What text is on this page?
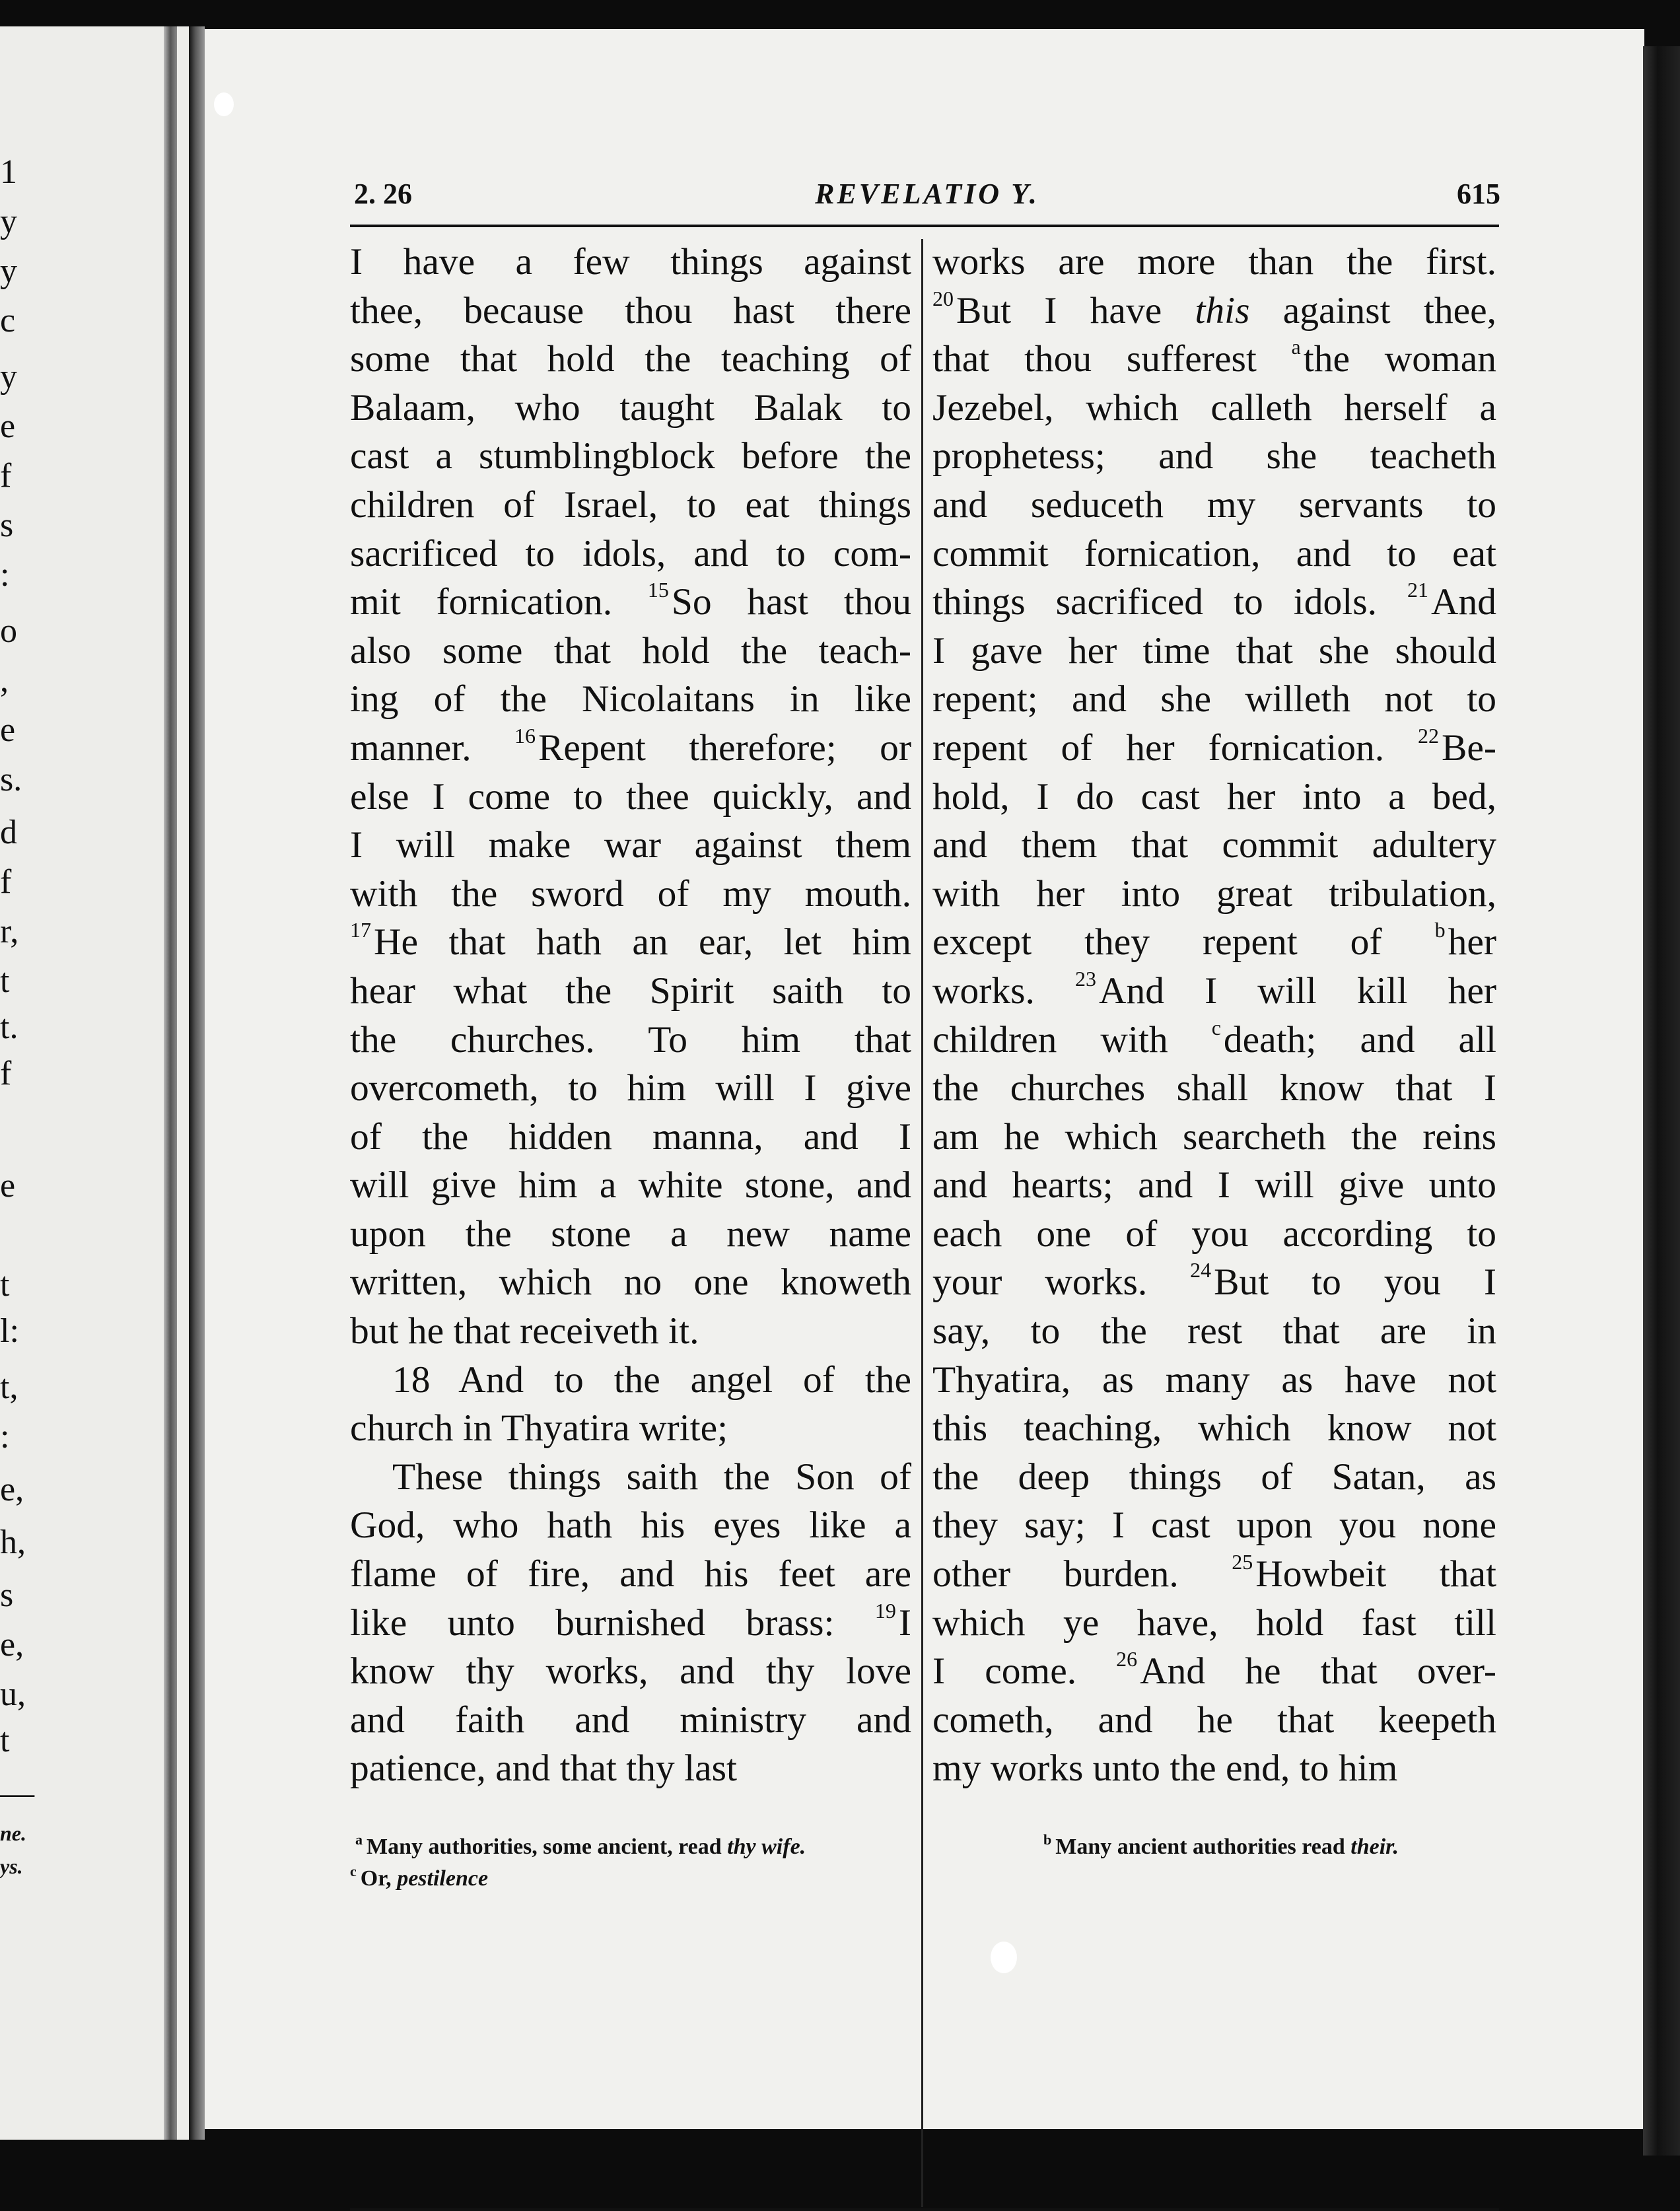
1
y
y
c
y
e
f
s
:
o
,
e
s.
d
f
r,
t
t.
f
e
t
l:
t,
:
e,
h,
s
e,
u,
t
—
ne.
ys.
2. 26	REVELATIO Y.	615
I have a few things against
thee, because thou hast there
some that hold the teaching of
Balaam, who taught Balak to
cast a stumblingblock before the
children of Israel, to eat things
sacrificed to idols, and to com-
mit fornication. $^{15}$So hast thou
also some that hold the teach-
ing of the Nicolaitans in like
manner. $^{16}$Repent therefore; or
else I come to thee quickly, and
I will make war against them
with the sword of my mouth.
$^{17}$He that hath an ear, let him
hear what the Spirit saith to
the churches. To him that
overcometh, to him will I give
of the hidden manna, and I
will give him a white stone, and
upon the stone a new name
written, which no one knoweth
but he that receiveth it.
18 And to the angel of the
church in Thyatira write;
These things saith the Son of
God, who hath his eyes like a
flame of fire, and his feet are
like unto burnished brass: $^{19}$I
know thy works, and thy love
and faith and ministry and
patience, and that thy last
works are more than the first.
$^{20}$But I have this against thee,
that thou sufferest $^a$the woman
Jezebel, which calleth herself a
prophetess; and she teacheth
and seduceth my servants to
commit fornication, and to eat
things sacrificed to idols. $^{21}$And
I gave her time that she should
repent; and she willeth not to
repent of her fornication. $^{22}$Be-
hold, I do cast her into a bed,
and them that commit adultery
with her into great tribulation,
except they repent of $^b$her
works. $^{23}$And I will kill her
children with $^c$death; and all
the churches shall know that I
am he which searcheth the reins
and hearts; and I will give unto
each one of you according to
your works. $^{24}$But to you I
say, to the rest that are in
Thyatira, as many as have not
this teaching, which know not
the deep things of Satan, as
they say; I cast upon you none
other burden. $^{25}$Howbeit that
which ye have, hold fast till
I come. $^{26}$And he that over-
cometh, and he that keepeth
my works unto the end, to him
$^a$ Many authorities, some ancient, read thy wife.	$^b$ Many ancient authorities read their.
$^c$ Or, pestilence
